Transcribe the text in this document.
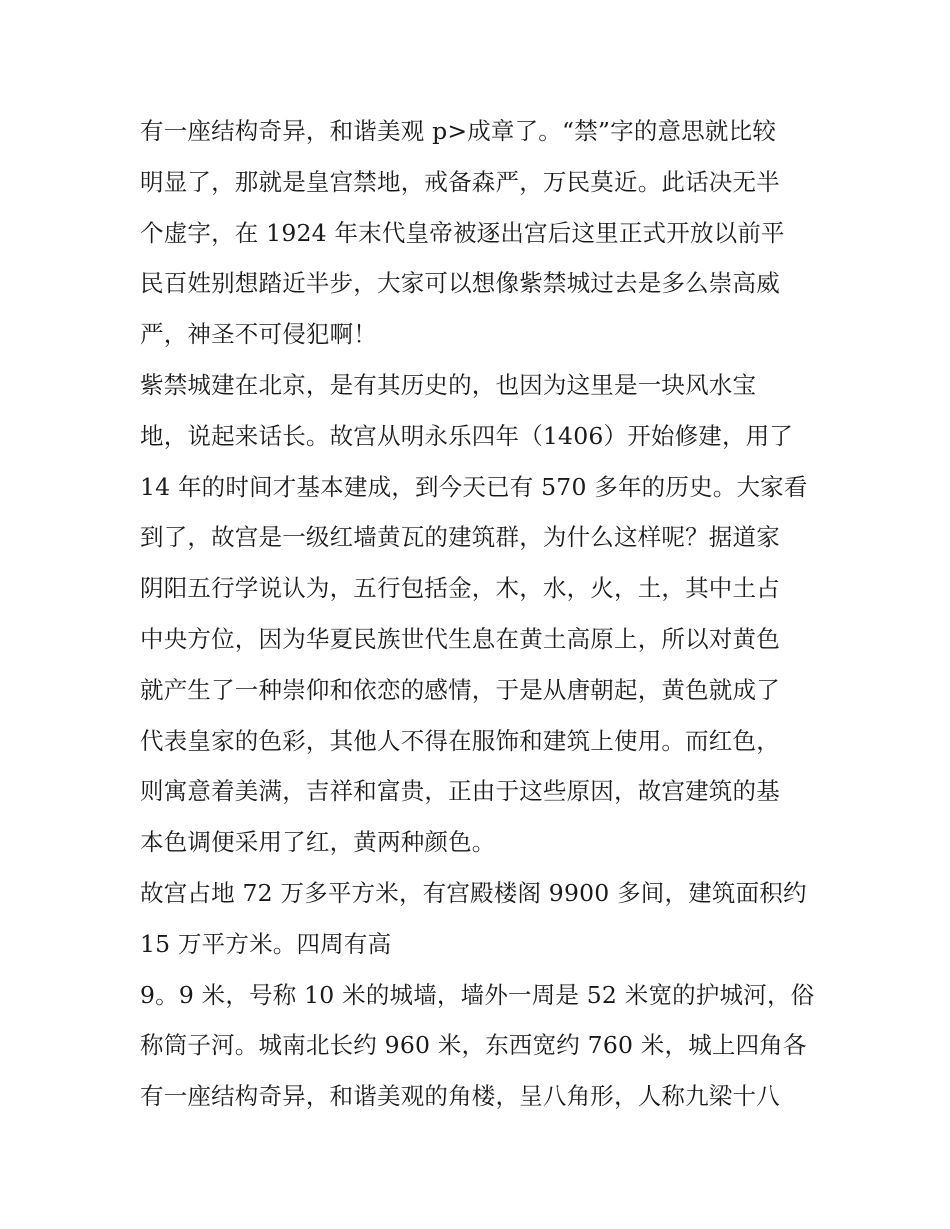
有一座结构奇异，和谐美观 p>成章了。“禁”字的意思就比较
明显了，那就是皇宫禁地，戒备森严，万民莫近。此话决无半
个虚字，在 1924 年末代皇帝被逐出宫后这里正式开放以前平
民百姓别想踏近半步，大家可以想像紫禁城过去是多么崇高威
严，神圣不可侵犯啊！
紫禁城建在北京，是有其历史的，也因为这里是一块风水宝
地，说起来话长。故宫从明永乐四年（1406）开始修建，用了
14 年的时间才基本建成，到今天已有 570 多年的历史。大家看
到了，故宫是一级红墙黄瓦的建筑群，为什么这样呢？据道家
阴阳五行学说认为，五行包括金，木，水，火，土，其中土占
中央方位，因为华夏民族世代生息在黄土高原上，所以对黄色
就产生了一种崇仰和依恋的感情，于是从唐朝起，黄色就成了
代表皇家的色彩，其他人不得在服饰和建筑上使用。而红色，
则寓意着美满，吉祥和富贵，正由于这些原因，故宫建筑的基
本色调便采用了红，黄两种颜色。
故宫占地 72 万多平方米，有宫殿楼阁 9900 多间，建筑面积约
15 万平方米。四周有高
9。9 米，号称 10 米的城墙，墙外一周是 52 米宽的护城河，俗
称筒子河。城南北长约 960 米，东西宽约 760 米，城上四角各
有一座结构奇异，和谐美观的角楼，呈八角形，人称九梁十八
